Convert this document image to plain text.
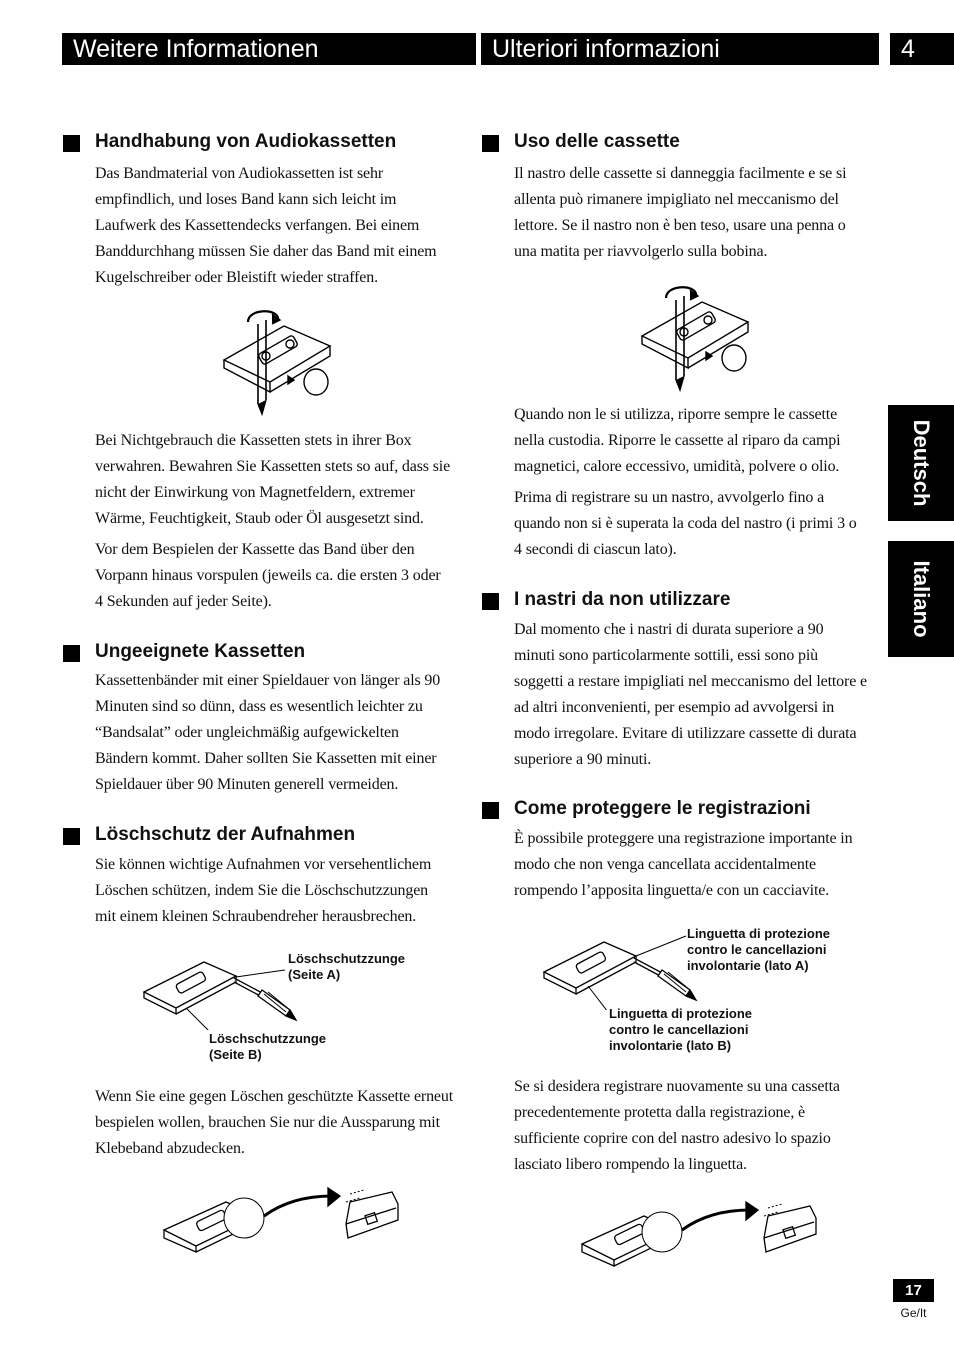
Weitere Informationen	Ulteriori informazioni	4
Deutsch
Italiano
Handhabung von Audiokassetten

Das Bandmaterial von Audiokassetten ist sehr
empfindlich, und loses Band kann sich leicht im
Laufwerk des Kassettendecks verfangen. Bei einem
Banddurchhang müssen Sie daher das Band mit einem
Kugelschreiber oder Bleistift wieder straffen.

Bei Nichtgebrauch die Kassetten stets in ihrer Box
verwahren. Bewahren Sie Kassetten stets so auf, dass sie
nicht der Einwirkung von Magnetfeldern, extremer
Wärme, Feuchtigkeit, Staub oder Öl ausgesetzt sind.

Vor dem Bespielen der Kassette das Band über den
Vorpann hinaus vorspulen (jeweils ca. die ersten 3 oder
4 Sekunden auf jeder Seite).

Ungeeignete Kassetten

Kassettenbänder mit einer Spieldauer von länger als 90
Minuten sind so dünn, dass es wesentlich leichter zu
“Bandsalat” oder ungleichmäßig aufgewickelten
Bändern kommt. Daher sollten Sie Kassetten mit einer
Spieldauer über 90 Minuten generell vermeiden.

Löschschutz der Aufnahmen

Sie können wichtige Aufnahmen vor versehentlichem
Löschen schützen, indem Sie die Löschschutzzungen
mit einem kleinen Schraubendreher herausbrechen.

Löschschutzzunge
(Seite A)

Löschschutzzunge
(Seite B)

Wenn Sie eine gegen Löschen geschützte Kassette erneut
bespielen wollen, brauchen Sie nur die Aussparung mit
Klebeband abzudecken.

Uso delle cassette

Il nastro delle cassette si danneggia facilmente e se si
allenta può rimanere impigliato nel meccanismo del
lettore. Se il nastro non è ben teso, usare una penna o
una matita per riavvolgerlo sulla bobina.

Quando non le si utilizza, riporre sempre le cassette
nella custodia. Riporre le cassette al riparo da campi
magnetici, calore eccessivo, umidità, polvere o olio.

Prima di registrare su un nastro, avvolgerlo fino a
quando non si è superata la coda del nastro (i primi 3 o
4 secondi di ciascun lato).

I nastri da non utilizzare

Dal momento che i nastri di durata superiore a 90
minuti sono particolarmente sottili, essi sono più
soggetti a restare impigliati nel meccanismo del lettore e
ad altri inconvenienti, per esempio ad avvolgersi in
modo irregolare. Evitare di utilizzare cassette di durata
superiore a 90 minuti.

Come proteggere le registrazioni

È possibile proteggere una registrazione importante in
modo che non venga cancellata accidentalmente
rompendo l’apposita linguetta/e con un cacciavite.

Linguetta di protezione
contro le cancellazioni
involontarie (lato A)

Linguetta di protezione
contro le cancellazioni
involontarie (lato B)

Se si desidera registrare nuovamente su una cassetta
precedentemente protetta dalla registrazione, è
sufficiente coprire con del nastro adesivo lo spazio
lasciato libero rompendo la linguetta.

17
Ge/It
